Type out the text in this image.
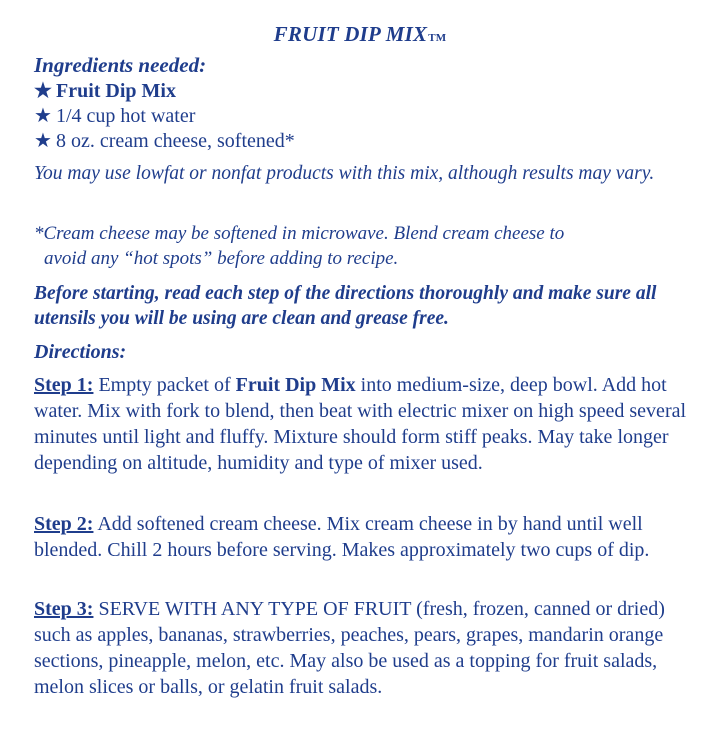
FRUIT DIP MIXTM
Ingredients needed:
★ Fruit Dip Mix
★ 1/4 cup hot water
★ 8 oz. cream cheese, softened*
You may use lowfat or nonfat products with this mix, although results may vary.
*Cream cheese may be softened in microwave. Blend cream cheese to
avoid any “hot spots” before adding to recipe.
Before starting, read each step of the directions thoroughly and make sure all utensils you will be using are clean and grease free.
Directions:
Step 1: Empty packet of Fruit Dip Mix into medium-size, deep bowl. Add hot water. Mix with fork to blend, then beat with electric mixer on high speed several minutes until light and fluffy. Mixture should form stiff peaks. May take longer depending on altitude, humidity and type of mixer used.
Step 2: Add softened cream cheese. Mix cream cheese in by hand until well blended. Chill 2 hours before serving. Makes approximately two cups of dip.
Step 3: SERVE WITH ANY TYPE OF FRUIT (fresh, frozen, canned or dried) such as apples, bananas, strawberries, peaches, pears, grapes, mandarin orange sections, pineapple, melon, etc. May also be used as a topping for fruit salads, melon slices or balls, or gelatin fruit salads.
